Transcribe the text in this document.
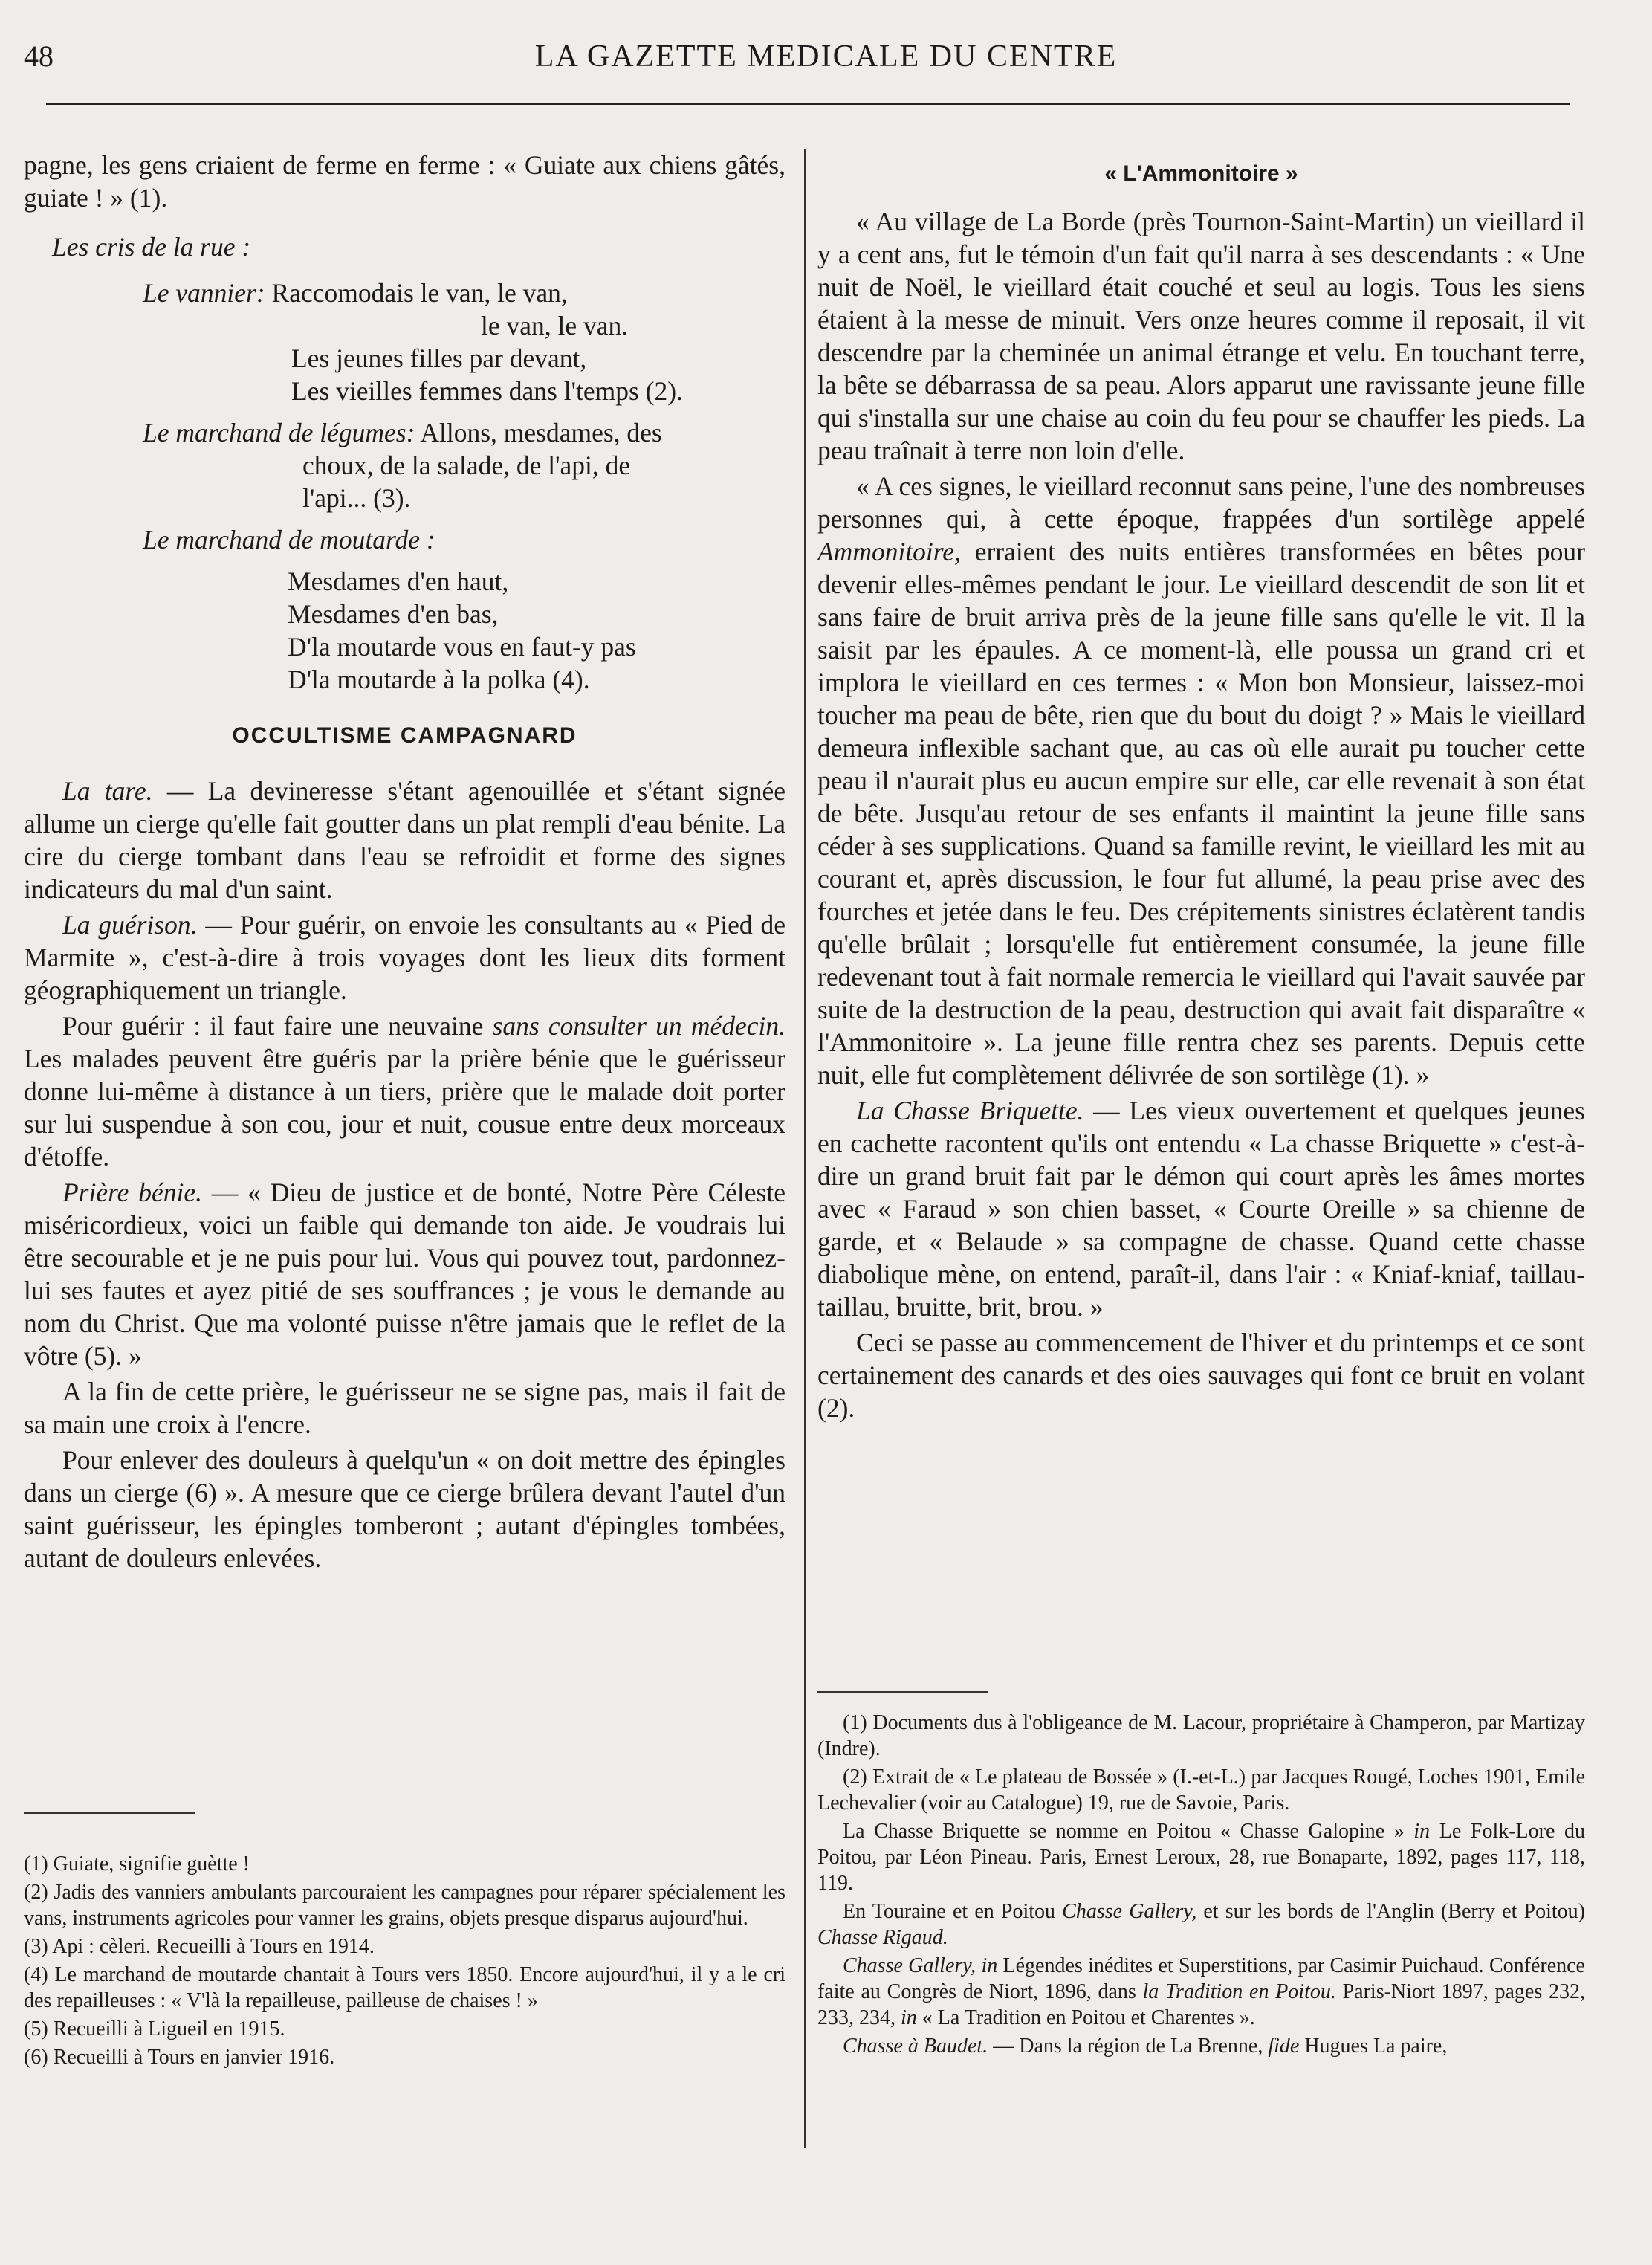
48	LA GAZETTE MEDICALE DU CENTRE

pagne, les gens criaient de ferme en ferme : « Guiate aux chiens gâtés, guiate ! » (1).

Les cris de la rue :
Le vannier: Raccomodais le van, le van,
le van, le van.
Les jeunes filles par devant,
Les vieilles femmes dans l'temps (2).
Le marchand de légumes: Allons, mesdames, des
choux, de la salade, de l'api, de
l'api... (3).
Le marchand de moutarde :
Mesdames d'en haut,
Mesdames d'en bas,
D'la moutarde vous en faut-y pas
D'la moutarde à la polka (4).
OCCULTISME CAMPAGNARD

La tare. — La devineresse s'étant agenouillée et s'étant signée allume un cierge qu'elle fait goutter dans un plat rempli d'eau bénite. La cire du cierge tombant dans l'eau se refroidit et forme des signes indicateurs du mal d'un saint.

La guérison. — Pour guérir, on envoie les consultants au « Pied de Marmite », c'est-à-dire à trois voyages dont les lieux dits forment géographiquement un triangle.

Pour guérir : il faut faire une neuvaine sans consulter un médecin. Les malades peuvent être guéris par la prière bénie que le guérisseur donne lui-même à distance à un tiers, prière que le malade doit porter sur lui suspendue à son cou, jour et nuit, cousue entre deux morceaux d'étoffe.

Prière bénie. — « Dieu de justice et de bonté, Notre Père Céleste miséricordieux, voici un faible qui demande ton aide. Je voudrais lui être secourable et je ne puis pour lui. Vous qui pouvez tout, pardonnez-lui ses fautes et ayez pitié de ses souffrances ; je vous le demande au nom du Christ. Que ma volonté puisse n'être jamais que le reflet de la vôtre (5). »

A la fin de cette prière, le guérisseur ne se signe pas, mais il fait de sa main une croix à l'encre.

Pour enlever des douleurs à quelqu'un « on doit mettre des épingles dans un cierge (6) ». A mesure que ce cierge brûlera devant l'autel d'un saint guérisseur, les épingles tomberont ; autant d'épingles tombées, autant de douleurs enlevées.

(1) Guiate, signifie guètte !

(2) Jadis des vanniers ambulants parcouraient les campagnes pour réparer spécialement les vans, instruments agricoles pour vanner les grains, objets presque disparus aujourd'hui.

(3) Api : cèleri. Recueilli à Tours en 1914.

(4) Le marchand de moutarde chantait à Tours vers 1850. Encore aujourd'hui, il y a le cri des repailleuses : « V'là la repailleuse, pailleuse de chaises ! »

(5) Recueilli à Ligueil en 1915.

(6) Recueilli à Tours en janvier 1916.

« L'Ammonitoire »

« Au village de La Borde (près Tournon-Saint-Martin) un vieillard il y a cent ans, fut le témoin d'un fait qu'il narra à ses descendants : « Une nuit de Noël, le vieillard était couché et seul au logis. Tous les siens étaient à la messe de minuit. Vers onze heures comme il reposait, il vit descendre par la cheminée un animal étrange et velu. En touchant terre, la bête se débarrassa de sa peau. Alors apparut une ravissante jeune fille qui s'installa sur une chaise au coin du feu pour se chauffer les pieds. La peau traînait à terre non loin d'elle.

« A ces signes, le vieillard reconnut sans peine, l'une des nombreuses personnes qui, à cette époque, frappées d'un sortilège appelé Ammonitoire, erraient des nuits entières transformées en bêtes pour devenir elles-mêmes pendant le jour. Le vieillard descendit de son lit et sans faire de bruit arriva près de la jeune fille sans qu'elle le vit. Il la saisit par les épaules. A ce moment-là, elle poussa un grand cri et implora le vieillard en ces termes : « Mon bon Monsieur, laissez-moi toucher ma peau de bête, rien que du bout du doigt ? » Mais le vieillard demeura inflexible sachant que, au cas où elle aurait pu toucher cette peau il n'aurait plus eu aucun empire sur elle, car elle revenait à son état de bête. Jusqu'au retour de ses enfants il maintint la jeune fille sans céder à ses supplications. Quand sa famille revint, le vieillard les mit au courant et, après discussion, le four fut allumé, la peau prise avec des fourches et jetée dans le feu. Des crépitements sinistres éclatèrent tandis qu'elle brûlait ; lorsqu'elle fut entièrement consumée, la jeune fille redevenant tout à fait normale remercia le vieillard qui l'avait sauvée par suite de la destruction de la peau, destruction qui avait fait disparaître « l'Ammonitoire ». La jeune fille rentra chez ses parents. Depuis cette nuit, elle fut complètement délivrée de son sortilège (1). »

La Chasse Briquette. — Les vieux ouvertement et quelques jeunes en cachette racontent qu'ils ont entendu « La chasse Briquette » c'est-à-dire un grand bruit fait par le démon qui court après les âmes mortes avec « Faraud » son chien basset, « Courte Oreille » sa chienne de garde, et « Belaude » sa compagne de chasse. Quand cette chasse diabolique mène, on entend, paraît-il, dans l'air : « Kniaf-kniaf, taillau-taillau, bruitte, brit, brou. »

Ceci se passe au commencement de l'hiver et du printemps et ce sont certainement des canards et des oies sauvages qui font ce bruit en volant (2).

(1) Documents dus à l'obligeance de M. Lacour, propriétaire à Champeron, par Martizay (Indre).

(2) Extrait de « Le plateau de Bossée » (I.-et-L.) par Jacques Rougé, Loches 1901, Emile Lechevalier (voir au Catalogue) 19, rue de Savoie, Paris.

La Chasse Briquette se nomme en Poitou « Chasse Galopine » in Le Folk-Lore du Poitou, par Léon Pineau. Paris, Ernest Leroux, 28, rue Bonaparte, 1892, pages 117, 118, 119.

En Touraine et en Poitou Chasse Gallery, et sur les bords de l'Anglin (Berry et Poitou) Chasse Rigaud.

Chasse Gallery, in Légendes inédites et Superstitions, par Casimir Puichaud. Conférence faite au Congrès de Niort, 1896, dans la Tradition en Poitou. Paris-Niort 1897, pages 232, 233, 234, in « La Tradition en Poitou et Charentes ».

Chasse à Baudet. — Dans la région de La Brenne, fide Hugues La paire,
